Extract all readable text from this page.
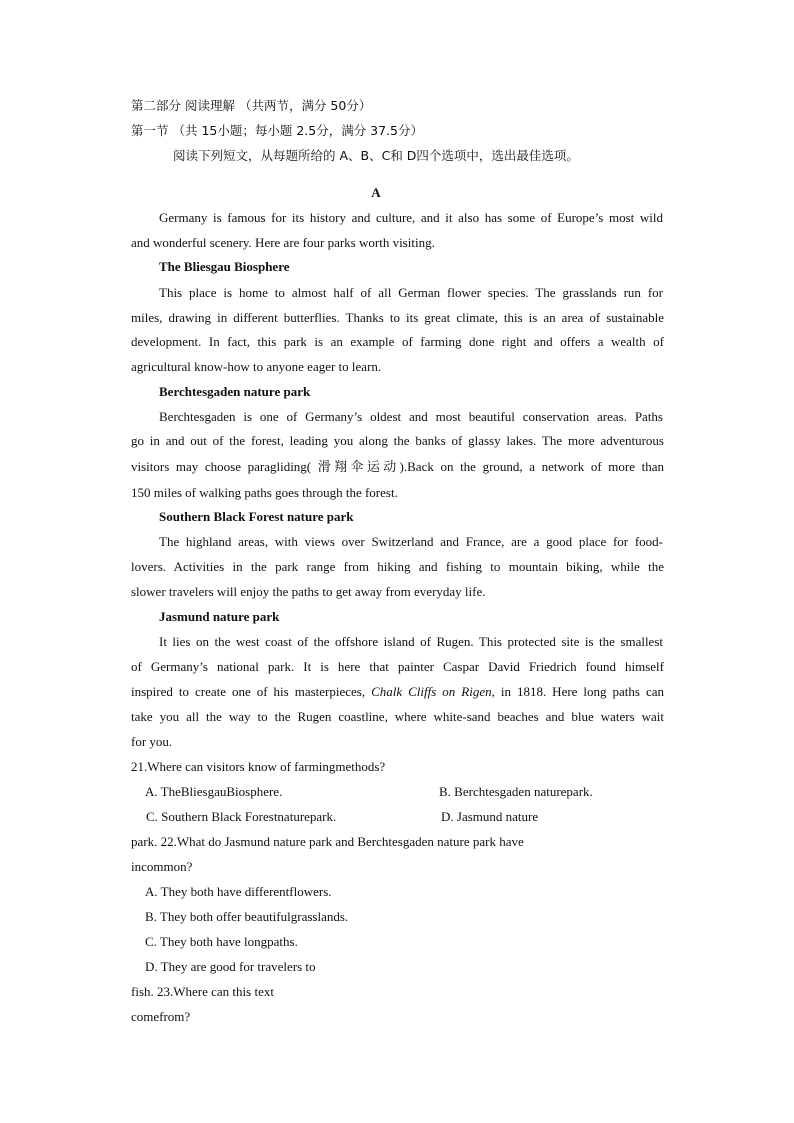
第二部分 阅读理解 （共两节，满分 50分）
第一节 （共 15小题；每小题 2.5分，满分 37.5分）
阅读下列短文，从每题所给的 A、B、C和 D四个选项中，选出最佳选项。
A
Germany is famous for its history and culture, and it also has some of Europe’s most wild
and wonderful scenery. Here are four parks worth visiting.
The Bliesgau Biosphere
This place is home to almost half of all German flower species. The grasslands run for
miles, drawing in different butterflies. Thanks to its great climate, this is an area of sustainable
development. In fact, this park is an example of farming done right and offers a wealth of
agricultural know-how to anyone eager to learn.
Berchtesgaden nature park
Berchtesgaden is one of Germany’s oldest and most beautiful conservation areas. Paths
go in and out of the forest, leading you along the banks of glassy lakes. The more adventurous
visitors may choose paragliding( 滑翔伞运动).Back on the ground, a network of more than
150 miles of walking paths goes through the forest.
Southern Black Forest nature park
The highland areas, with views over Switzerland and France, are a good place for food-
lovers. Activities in the park range from hiking and fishing to mountain biking, while the
slower travelers will enjoy the paths to get away from everyday life.
Jasmund nature park
It lies on the west coast of the offshore island of Rugen. This protected site is the smallest
of Germany’s national park. It is here that painter Caspar David Friedrich found himself
inspired to create one of his masterpieces, Chalk Cliffs on Rigen, in 1818. Here long paths can
take you all the way to the Rugen coastline, where white-sand beaches and blue waters wait
for you.
21.Where can visitors know of farmingmethods?
A. TheBliesgauBiosphere.	B. Berchtesgaden naturepark.
C. Southern Black Forestnaturepark.	D. Jasmund nature
park. 22.What do Jasmund nature park and Berchtesgaden nature park have
incommon?
A. They both have differentflowers.
B. They both offer beautifulgrasslands.
C. They both have longpaths.
D. They are good for travelers to
fish. 23.Where can this text
comefrom?
